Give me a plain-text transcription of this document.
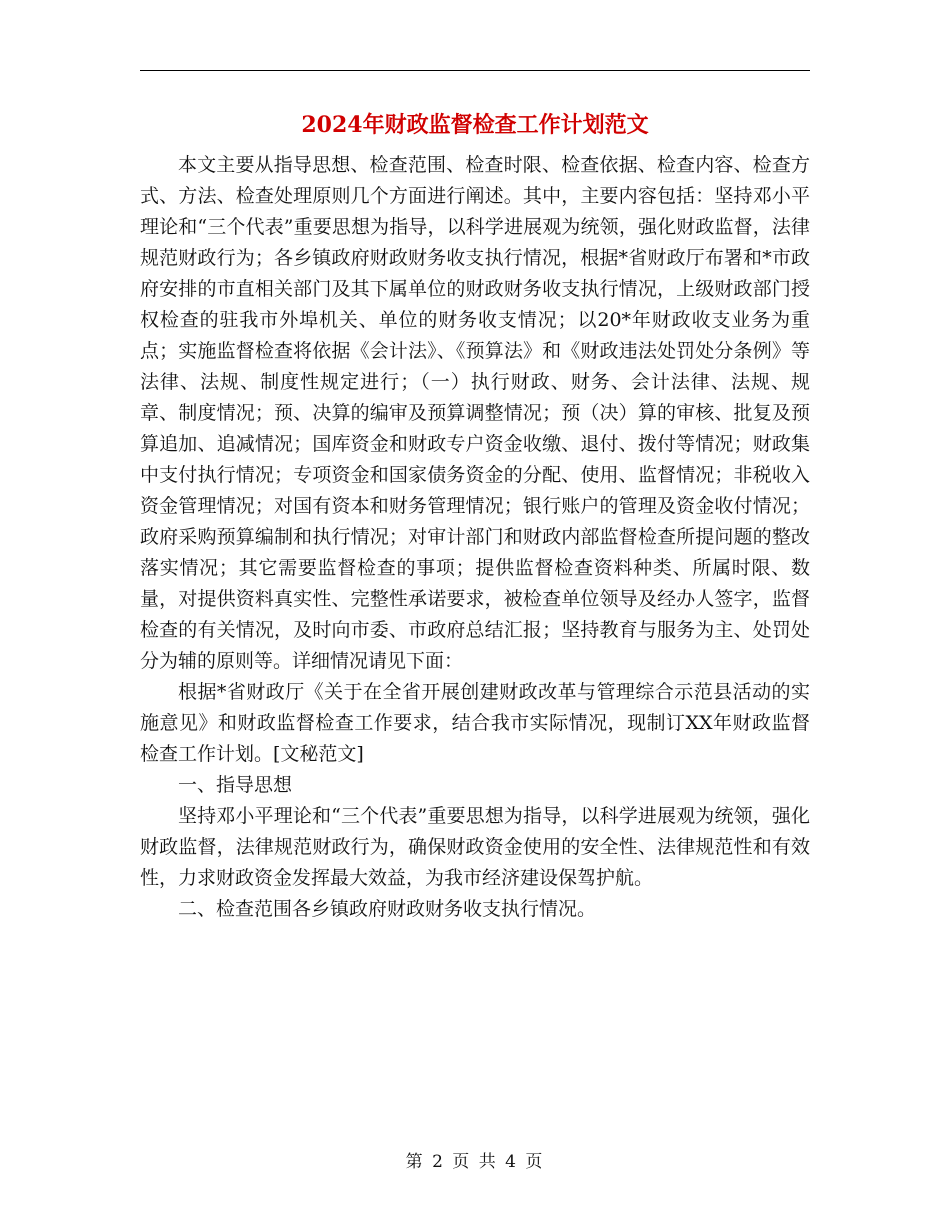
2024年财政监督检查工作计划范文

本文主要从指导思想、检查范围、检查时限、检查依据、检查内容、检查方式、方法、检查处理原则几个方面进行阐述。其中，主要内容包括：坚持邓小平理论和“三个代表”重要思想为指导，以科学进展观为统领，强化财政监督，法律规范财政行为；各乡镇政府财政财务收支执行情况，根据*省财政厅布署和*市政府安排的市直相关部门及其下属单位的财政财务收支执行情况，上级财政部门授权检查的驻我市外埠机关、单位的财务收支情况；以20*年财政收支业务为重点；实施监督检查将依据《会计法》、《预算法》和《财政违法处罚处分条例》等法律、法规、制度性规定进行；（一）执行财政、财务、会计法律、法规、规章、制度情况；预、决算的编审及预算调整情况；预（决）算的审核、批复及预算追加、追减情况；国库资金和财政专户资金收缴、退付、拨付等情况；财政集中支付执行情况；专项资金和国家债务资金的分配、使用、监督情况；非税收入资金管理情况；对国有资本和财务管理情况；银行账户的管理及资金收付情况；政府采购预算编制和执行情况；对审计部门和财政内部监督检查所提问题的整改落实情况；其它需要监督检查的事项；提供监督检查资料种类、所属时限、数量，对提供资料真实性、完整性承诺要求，被检查单位领导及经办人签字，监督检查的有关情况，及时向市委、市政府总结汇报；坚持教育与服务为主、处罚处分为辅的原则等。详细情况请见下面：

根据*省财政厅《关于在全省开展创建财政改革与管理综合示范县活动的实施意见》和财政监督检查工作要求，结合我市实际情况，现制订XX年财政监督检查工作计划。[文秘范文]

一、指导思想

坚持邓小平理论和“三个代表”重要思想为指导，以科学进展观为统领，强化财政监督，法律规范财政行为，确保财政资金使用的安全性、法律规范性和有效性，力求财政资金发挥最大效益，为我市经济建设保驾护航。

二、检查范围各乡镇政府财政财务收支执行情况。

第 2 页 共 4 页
